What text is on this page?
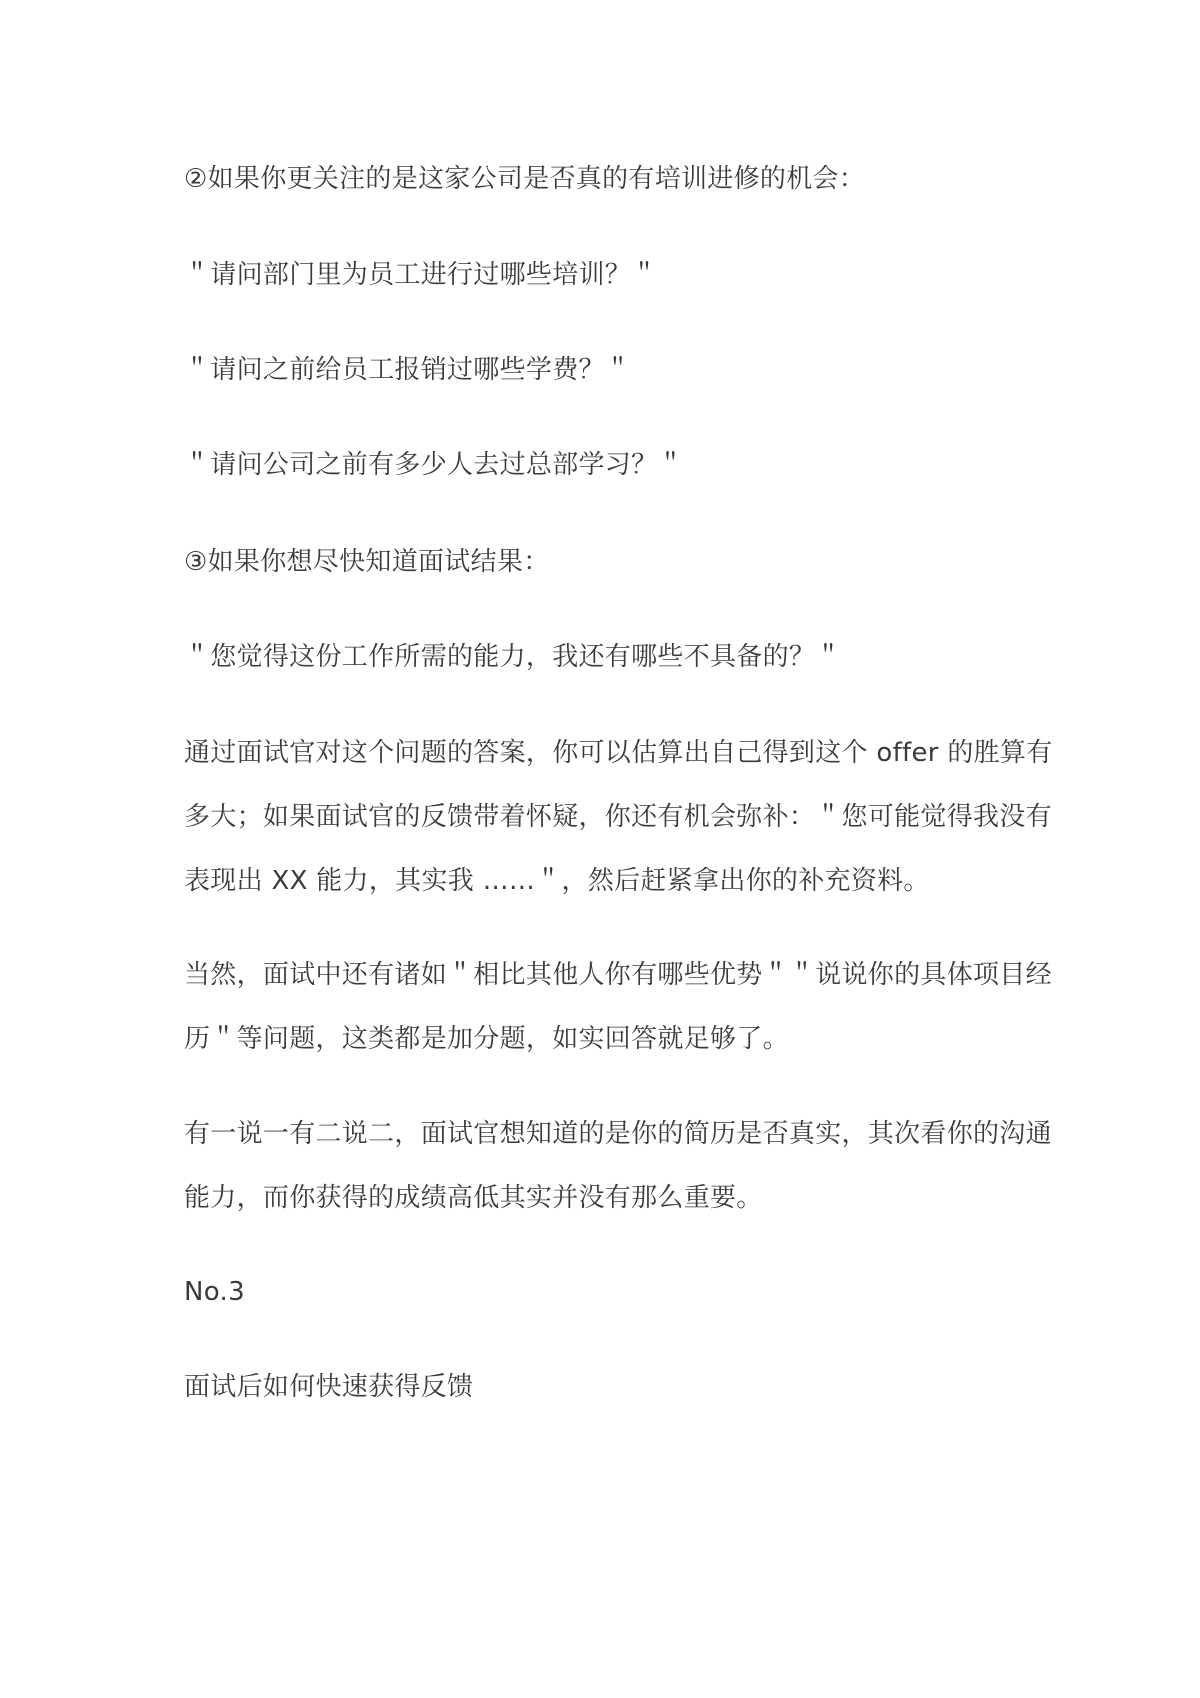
②如果你更关注的是这家公司是否真的有培训进修的机会：
＂请问部门里为员工进行过哪些培训？＂
＂请问之前给员工报销过哪些学费？＂
＂请问公司之前有多少人去过总部学习？＂
③如果你想尽快知道面试结果：
＂您觉得这份工作所需的能力，我还有哪些不具备的？＂
通过面试官对这个问题的答案，你可以估算出自己得到这个 offer 的胜算有
多大；如果面试官的反馈带着怀疑，你还有机会弥补：＂您可能觉得我没有
表现出 XX 能力，其实我 ……＂，然后赶紧拿出你的补充资料。
当然，面试中还有诸如＂相比其他人你有哪些优势＂＂说说你的具体项目经
历＂等问题，这类都是加分题，如实回答就足够了。
有一说一有二说二，面试官想知道的是你的简历是否真实，其次看你的沟通
能力，而你获得的成绩高低其实并没有那么重要。
No.3
面试后如何快速获得反馈
